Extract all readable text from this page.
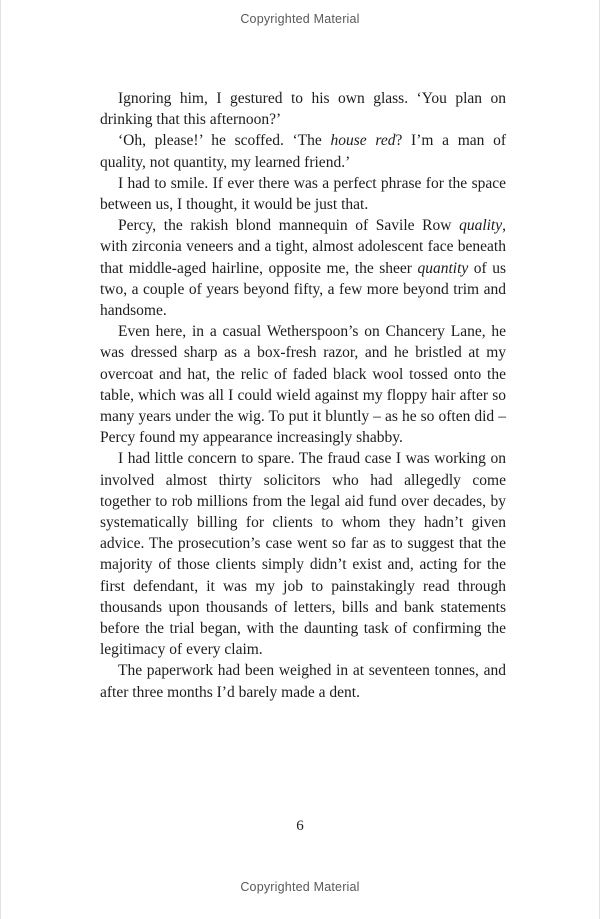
Copyrighted Material

Ignoring him, I gestured to his own glass. ‘You plan on drinking that this afternoon?’

‘Oh, please!’ he scoffed. ‘The house red? I’m a man of quality, not quantity, my learned friend.’

I had to smile. If ever there was a perfect phrase for the space between us, I thought, it would be just that.

Percy, the rakish blond mannequin of Savile Row quality, with zirconia veneers and a tight, almost adolescent face beneath that middle-aged hairline, opposite me, the sheer quantity of us two, a couple of years beyond fifty, a few more beyond trim and handsome.

Even here, in a casual Wetherspoon’s on Chancery Lane, he was dressed sharp as a box-fresh razor, and he bristled at my overcoat and hat, the relic of faded black wool tossed onto the table, which was all I could wield against my floppy hair after so many years under the wig. To put it bluntly – as he so often did – Percy found my appearance increasingly shabby.

I had little concern to spare. The fraud case I was working on involved almost thirty solicitors who had allegedly come together to rob millions from the legal aid fund over decades, by systematically billing for clients to whom they hadn’t given advice. The prosecution’s case went so far as to suggest that the majority of those clients simply didn’t exist and, acting for the first defendant, it was my job to painstakingly read through thousands upon thousands of letters, bills and bank statements before the trial began, with the daunting task of confirming the legitimacy of every claim.

The paperwork had been weighed in at seventeen tonnes, and after three months I’d barely made a dent.

6
Copyrighted Material
